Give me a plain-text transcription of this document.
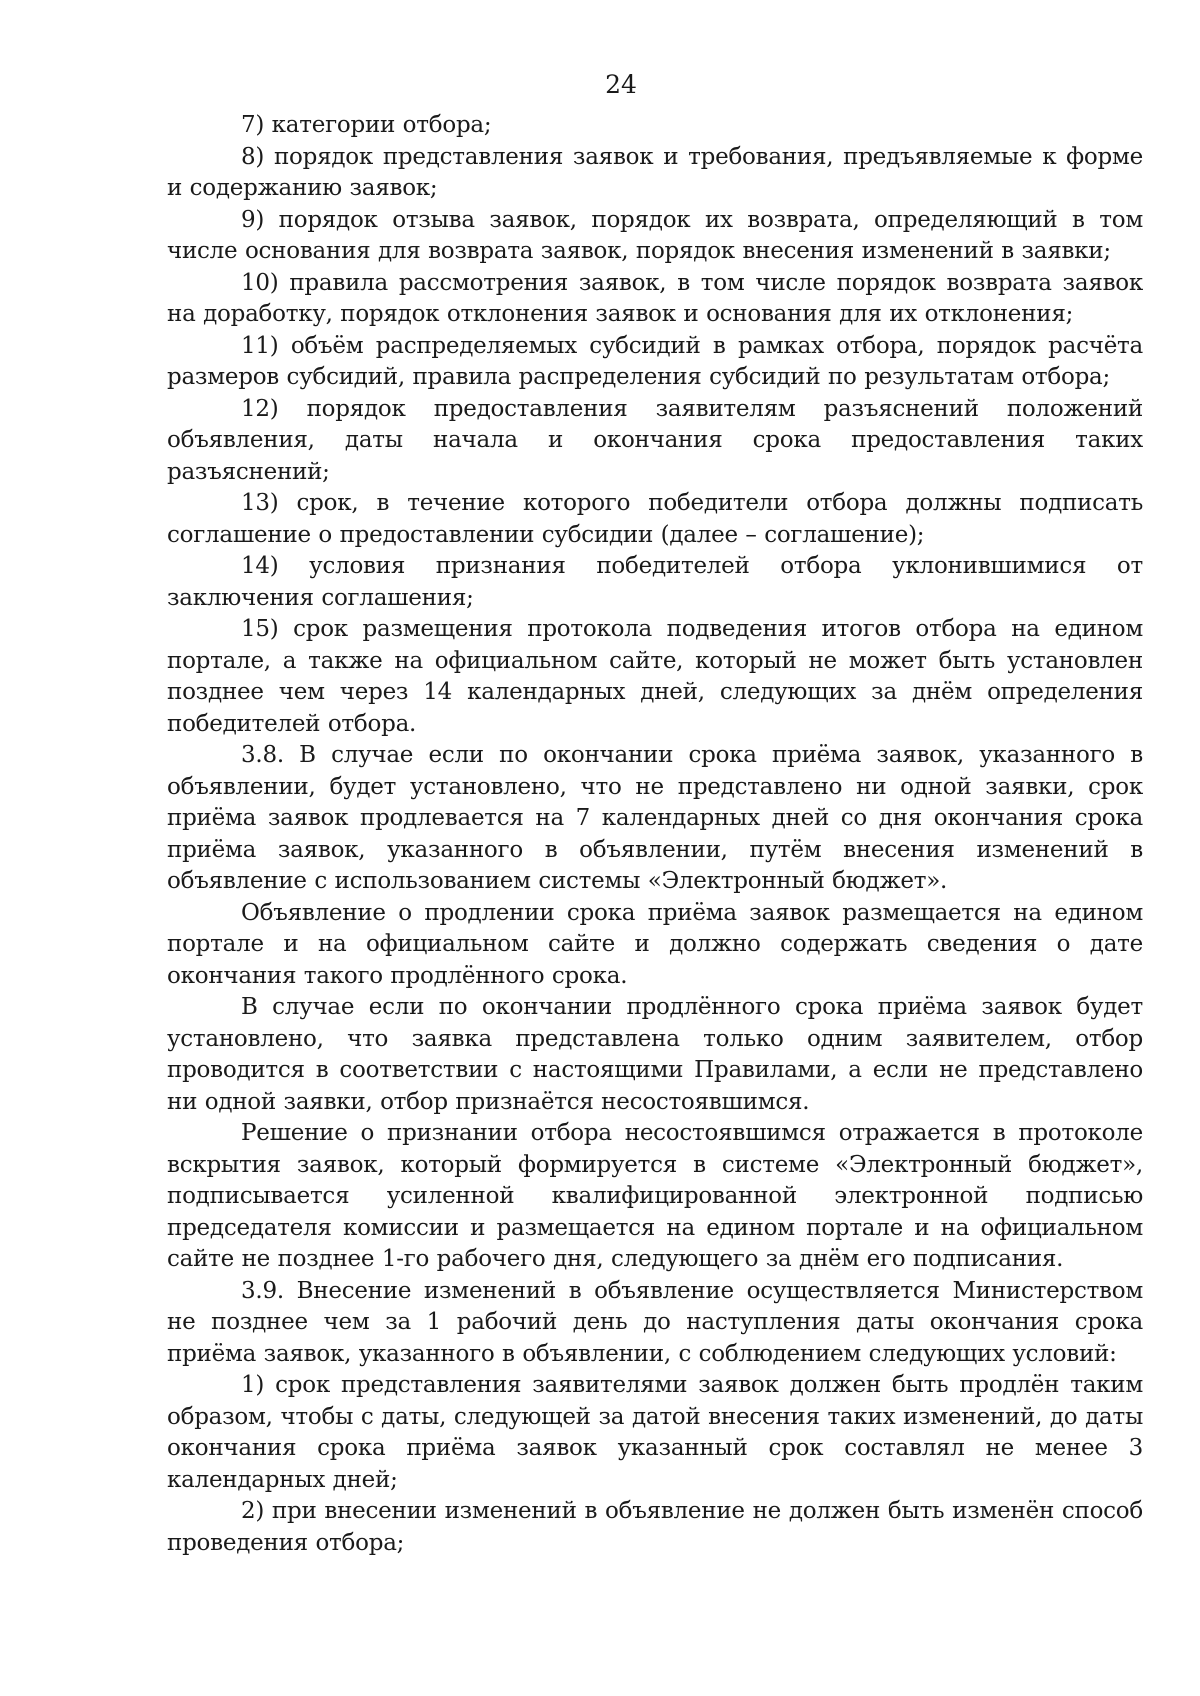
24

7) категории отбора;

8) порядок представления заявок и требования, предъявляемые к форме и содержанию заявок;

9) порядок отзыва заявок, порядок их возврата, определяющий в том числе основания для возврата заявок, порядок внесения изменений в заявки;

10) правила рассмотрения заявок, в том числе порядок возврата заявок на доработку, порядок отклонения заявок и основания для их отклонения;

11) объём распределяемых субсидий в рамках отбора, порядок расчёта размеров субсидий, правила распределения субсидий по результатам отбора;

12) порядок предоставления заявителям разъяснений положений объявления, даты начала и окончания срока предоставления таких разъяснений;

13) срок, в течение которого победители отбора должны подписать соглашение о предоставлении субсидии (далее – соглашение);

14) условия признания победителей отбора уклонившимися от заключения соглашения;

15) срок размещения протокола подведения итогов отбора на едином портале, а также на официальном сайте, который не может быть установлен позднее чем через 14 календарных дней, следующих за днём определения победителей отбора.

3.8. В случае если по окончании срока приёма заявок, указанного в объявлении, будет установлено, что не представлено ни одной заявки, срок приёма заявок продлевается на 7 календарных дней со дня окончания срока приёма заявок, указанного в объявлении, путём внесения изменений в объявление с использованием системы «Электронный бюджет».

Объявление о продлении срока приёма заявок размещается на едином портале и на официальном сайте и должно содержать сведения о дате окончания такого продлённого срока.

В случае если по окончании продлённого срока приёма заявок будет установлено, что заявка представлена только одним заявителем, отбор проводится в соответствии с настоящими Правилами, а если не представлено ни одной заявки, отбор признаётся несостоявшимся.

Решение о признании отбора несостоявшимся отражается в протоколе вскрытия заявок, который формируется в системе «Электронный бюджет», подписывается усиленной квалифицированной электронной подписью председателя комиссии и размещается на едином портале и на официальном сайте не позднее 1-го рабочего дня, следующего за днём его подписания.

3.9. Внесение изменений в объявление осуществляется Министерством не позднее чем за 1 рабочий день до наступления даты окончания срока приёма заявок, указанного в объявлении, с соблюдением следующих условий:

1) срок представления заявителями заявок должен быть продлён таким образом, чтобы с даты, следующей за датой внесения таких изменений, до даты окончания срока приёма заявок указанный срок составлял не менее 3 календарных дней;

2) при внесении изменений в объявление не должен быть изменён способ проведения отбора;
